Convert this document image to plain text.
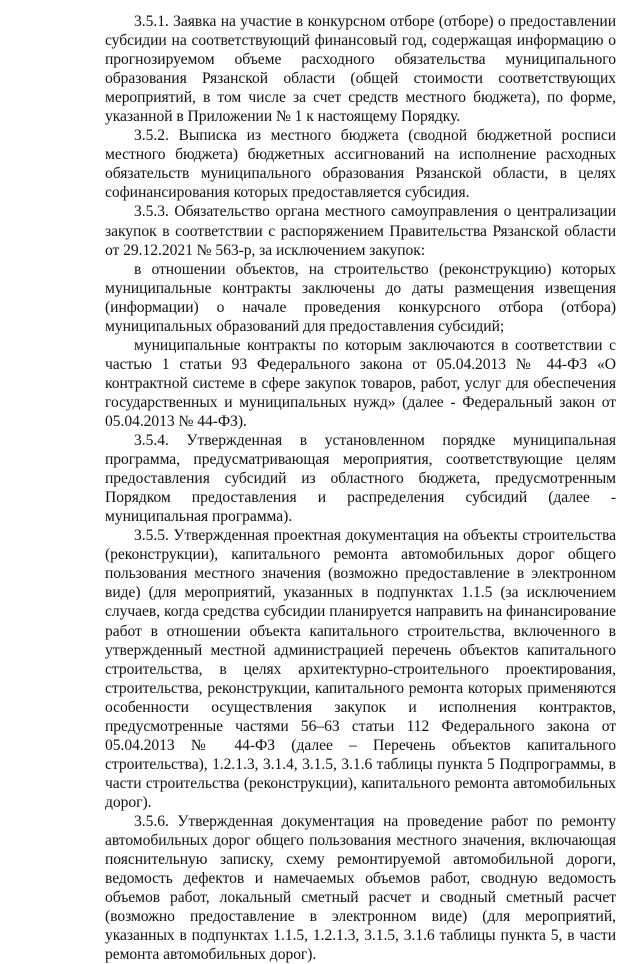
3.5.1. Заявка на участие в конкурсном отборе (отборе) о предоставлении субсидии на соответствующий финансовый год, содержащая информацию о прогнозируемом объеме расходного обязательства муниципального образования Рязанской области (общей стоимости соответствующих мероприятий, в том числе за счет средств местного бюджета), по форме, указанной в Приложении № 1 к настоящему Порядку.

3.5.2. Выписка из местного бюджета (сводной бюджетной росписи местного бюджета) бюджетных ассигнований на исполнение расходных обязательств муниципального образования Рязанской области, в целях софинансирования которых предоставляется субсидия.

3.5.3. Обязательство органа местного самоуправления о централизации закупок в соответствии с распоряжением Правительства Рязанской области от 29.12.2021 № 563-р, за исключением закупок:

в отношении объектов, на строительство (реконструкцию) которых муниципальные контракты заключены до даты размещения извещения (информации) о начале проведения конкурсного отбора (отбора) муниципальных образований для предоставления субсидий;

муниципальные контракты по которым заключаются в соответствии с частью 1 статьи 93 Федерального закона от 05.04.2013 № 44-ФЗ «О контрактной системе в сфере закупок товаров, работ, услуг для обеспечения государственных и муниципальных нужд» (далее - Федеральный закон от 05.04.2013 № 44-ФЗ).

3.5.4. Утвержденная в установленном порядке муниципальная программа, предусматривающая мероприятия, соответствующие целям предоставления субсидий из областного бюджета, предусмотренным Порядком предоставления и распределения субсидий (далее - муниципальная программа).

3.5.5. Утвержденная проектная документация на объекты строительства (реконструкции), капитального ремонта автомобильных дорог общего пользования местного значения (возможно предоставление в электронном виде) (для мероприятий, указанных в подпунктах 1.1.5 (за исключением случаев, когда средства субсидии планируется направить на финансирование работ в отношении объекта капитального строительства, включенного в утвержденный местной администрацией перечень объектов капитального строительства, в целях архитектурно-строительного проектирования, строительства, реконструкции, капитального ремонта которых применяются особенности осуществления закупок и исполнения контрактов, предусмотренные частями 56–63 статьи 112 Федерального закона от 05.04.2013 № 44-ФЗ (далее – Перечень объектов капитального строительства), 1.2.1.3, 3.1.4, 3.1.5, 3.1.6 таблицы пункта 5 Подпрограммы, в части строительства (реконструкции), капитального ремонта автомобильных дорог).

3.5.6. Утвержденная документация на проведение работ по ремонту автомобильных дорог общего пользования местного значения, включающая пояснительную записку, схему ремонтируемой автомобильной дороги, ведомость дефектов и намечаемых объемов работ, сводную ведомость объемов работ, локальный сметный расчет и сводный сметный расчет (возможно предоставление в электронном виде) (для мероприятий, указанных в подпунктах 1.1.5, 1.2.1.3, 3.1.5, 3.1.6 таблицы пункта 5, в части ремонта автомобильных дорог).
